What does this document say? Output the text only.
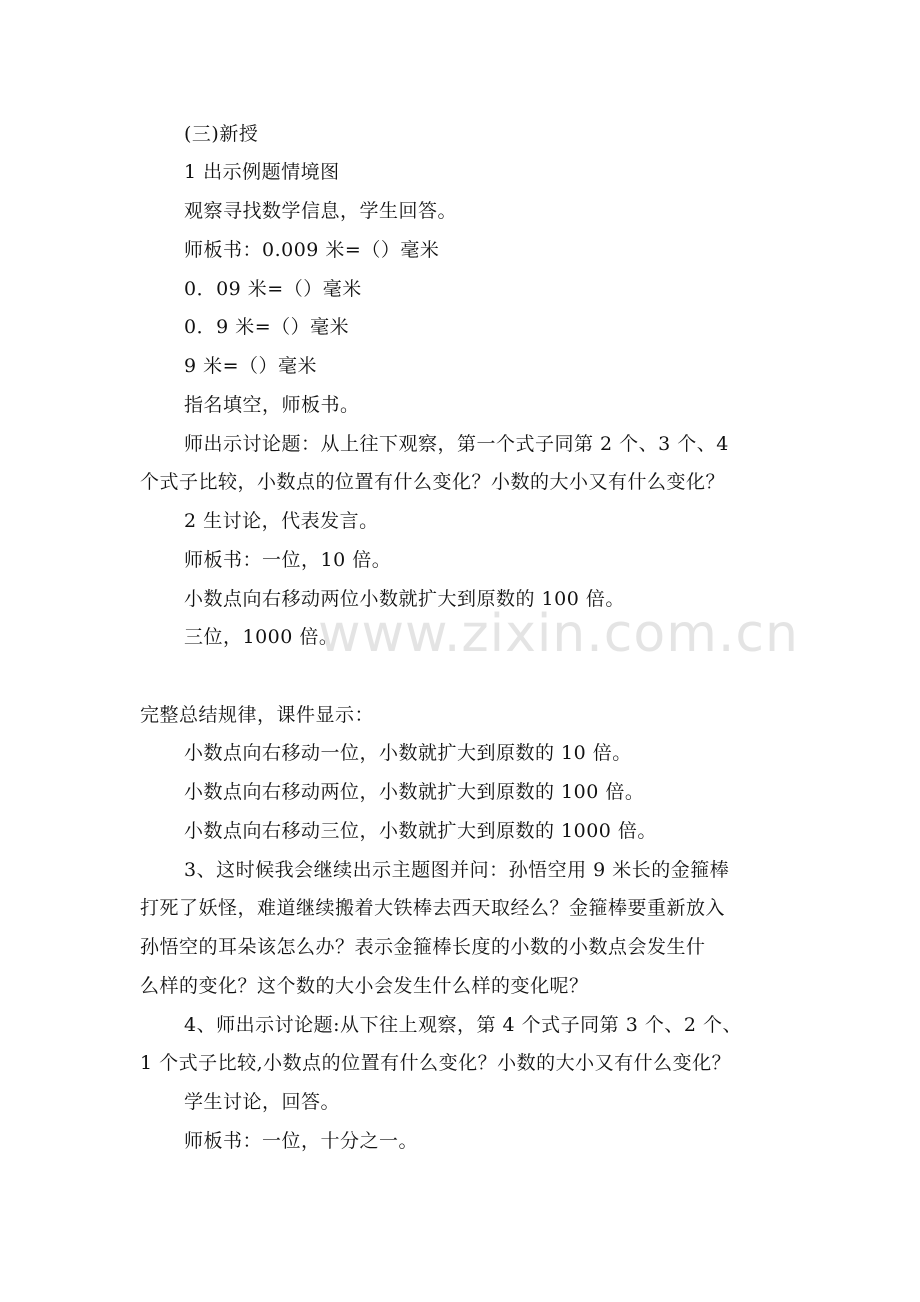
www.zixin.com.cn
(三)新授
1 出示例题情境图
观察寻找数学信息，学生回答。
师板书：0.009 米=（）毫米
0．09 米=（）毫米
0．9 米=（）毫米
9 米=（）毫米
指名填空，师板书。
师出示讨论题：从上往下观察，第一个式子同第 2 个、3 个、4
个式子比较，小数点的位置有什么变化？小数的大小又有什么变化？
2 生讨论，代表发言。
师板书：一位，10 倍。
小数点向右移动两位小数就扩大到原数的 100 倍。
三位，1000 倍。
完整总结规律，课件显示：
小数点向右移动一位，小数就扩大到原数的 10 倍。
小数点向右移动两位，小数就扩大到原数的 100 倍。
小数点向右移动三位，小数就扩大到原数的 1000 倍。
3、这时候我会继续出示主题图并问：孙悟空用 9 米长的金箍棒
打死了妖怪，难道继续搬着大铁棒去西天取经么？金箍棒要重新放入
孙悟空的耳朵该怎么办？表示金箍棒长度的小数的小数点会发生什
么样的变化？这个数的大小会发生什么样的变化呢？
4、师出示讨论题:从下往上观察，第 4 个式子同第 3 个、2 个、
1 个式子比较,小数点的位置有什么变化？小数的大小又有什么变化？
学生讨论，回答。
师板书：一位，十分之一。
